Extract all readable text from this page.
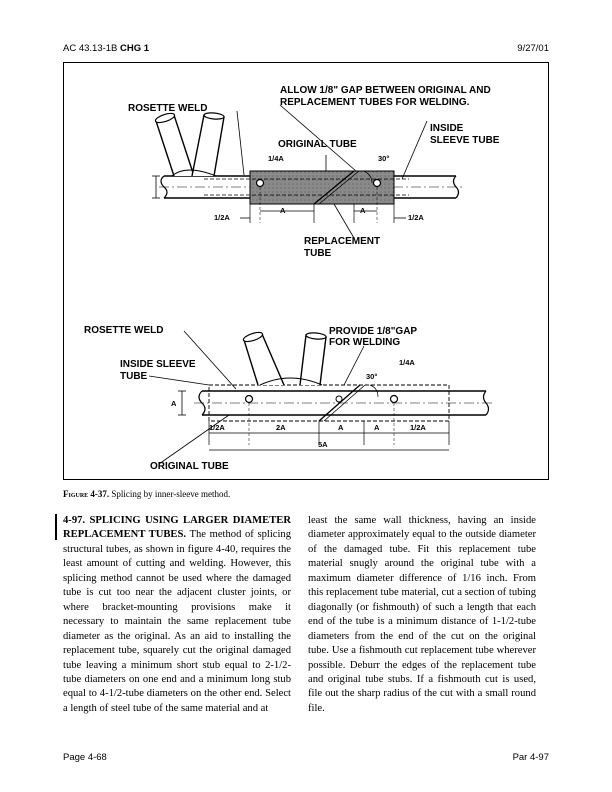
AC 43.13-1B CHG 1	9/27/01
ALLOW 1/8" GAP BETWEEN ORIGINAL AND
REPLACEMENT TUBES FOR WELDING.
ROSETTE WELD
ORIGINAL TUBE
INSIDE
SLEEVE TUBE
1/4A	30°
1/2A
A	A
1/2A
REPLACEMENT
TUBE
ROSETTE WELD	PROVIDE 1/8"GAP
FOR WELDING
INSIDE SLEEVE
TUBE
1/4A
30°
A
1/2A	2A	A	A	1/2A
5A
ORIGINAL TUBE
Figure 4-37. Splicing by inner-sleeve method.
4-97. SPLICING USING LARGER DIAMETER REPLACEMENT TUBES. The method of splicing structural tubes, as shown in figure 4-40, requires the least amount of cutting and welding. However, this splicing method cannot be used where the damaged tube is cut too near the adjacent cluster joints, or where bracket-mounting provisions make it necessary to maintain the same replacement tube diameter as the original. As an aid to installing the replacement tube, squarely cut the original damaged tube leaving a minimum short stub equal to 2-1/2-tube diameters on one end and a minimum long stub equal to 4-1/2-tube diameters on the other end. Select a length of steel tube of the same material and at
least the same wall thickness, having an inside diameter approximately equal to the outside diameter of the damaged tube. Fit this replacement tube material snugly around the original tube with a maximum diameter difference of 1/16 inch. From this replacement tube material, cut a section of tubing diagonally (or fishmouth) of such a length that each end of the tube is a minimum distance of 1-1/2-tube diameters from the end of the cut on the original tube. Use a fishmouth cut replacement tube wherever possible. Deburr the edges of the replacement tube and original tube stubs. If a fishmouth cut is used, file out the sharp radius of the cut with a small round file.
Page 4-68	Par 4-97
